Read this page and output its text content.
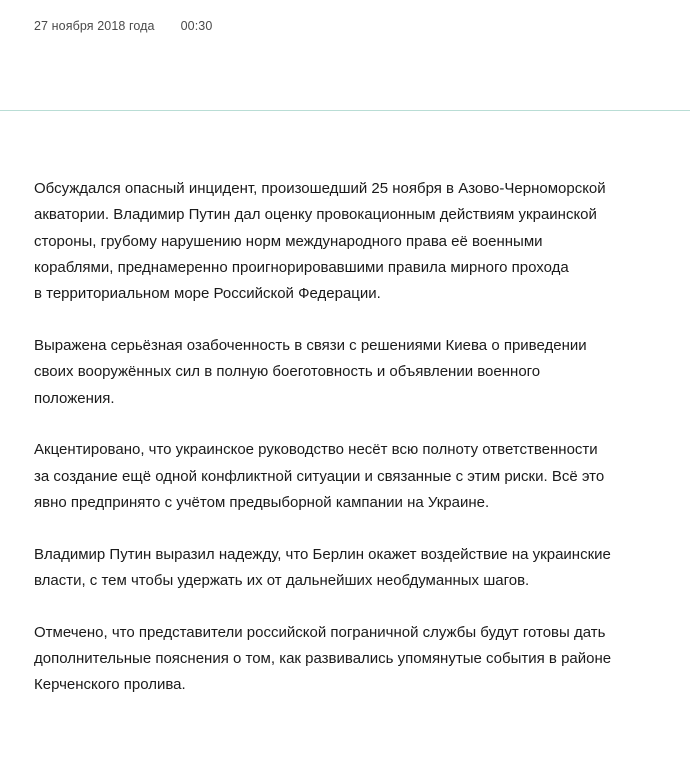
27 ноября 2018 года 00:30

Обсуждался опасный инцидент, произошедший 25 ноября в Азово-Черноморской
акватории. Владимир Путин дал оценку провокационным действиям украинской
стороны, грубому нарушению норм международного права её военными
кораблями, преднамеренно проигнорировавшими правила мирного прохода
в территориальном море Российской Федерации.

Выражена серьёзная озабоченность в связи с решениями Киева о приведении
своих вооружённых сил в полную боеготовность и объявлении военного
положения.

Акцентировано, что украинское руководство несёт всю полноту ответственности
за создание ещё одной конфликтной ситуации и связанные с этим риски. Всё это
явно предпринято с учётом предвыборной кампании на Украине.

Владимир Путин выразил надежду, что Берлин окажет воздействие на украинские
власти, с тем чтобы удержать их от дальнейших необдуманных шагов.

Отмечено, что представители российской пограничной службы будут готовы дать
дополнительные пояснения о том, как развивались упомянутые события в районе
Керченского пролива.
